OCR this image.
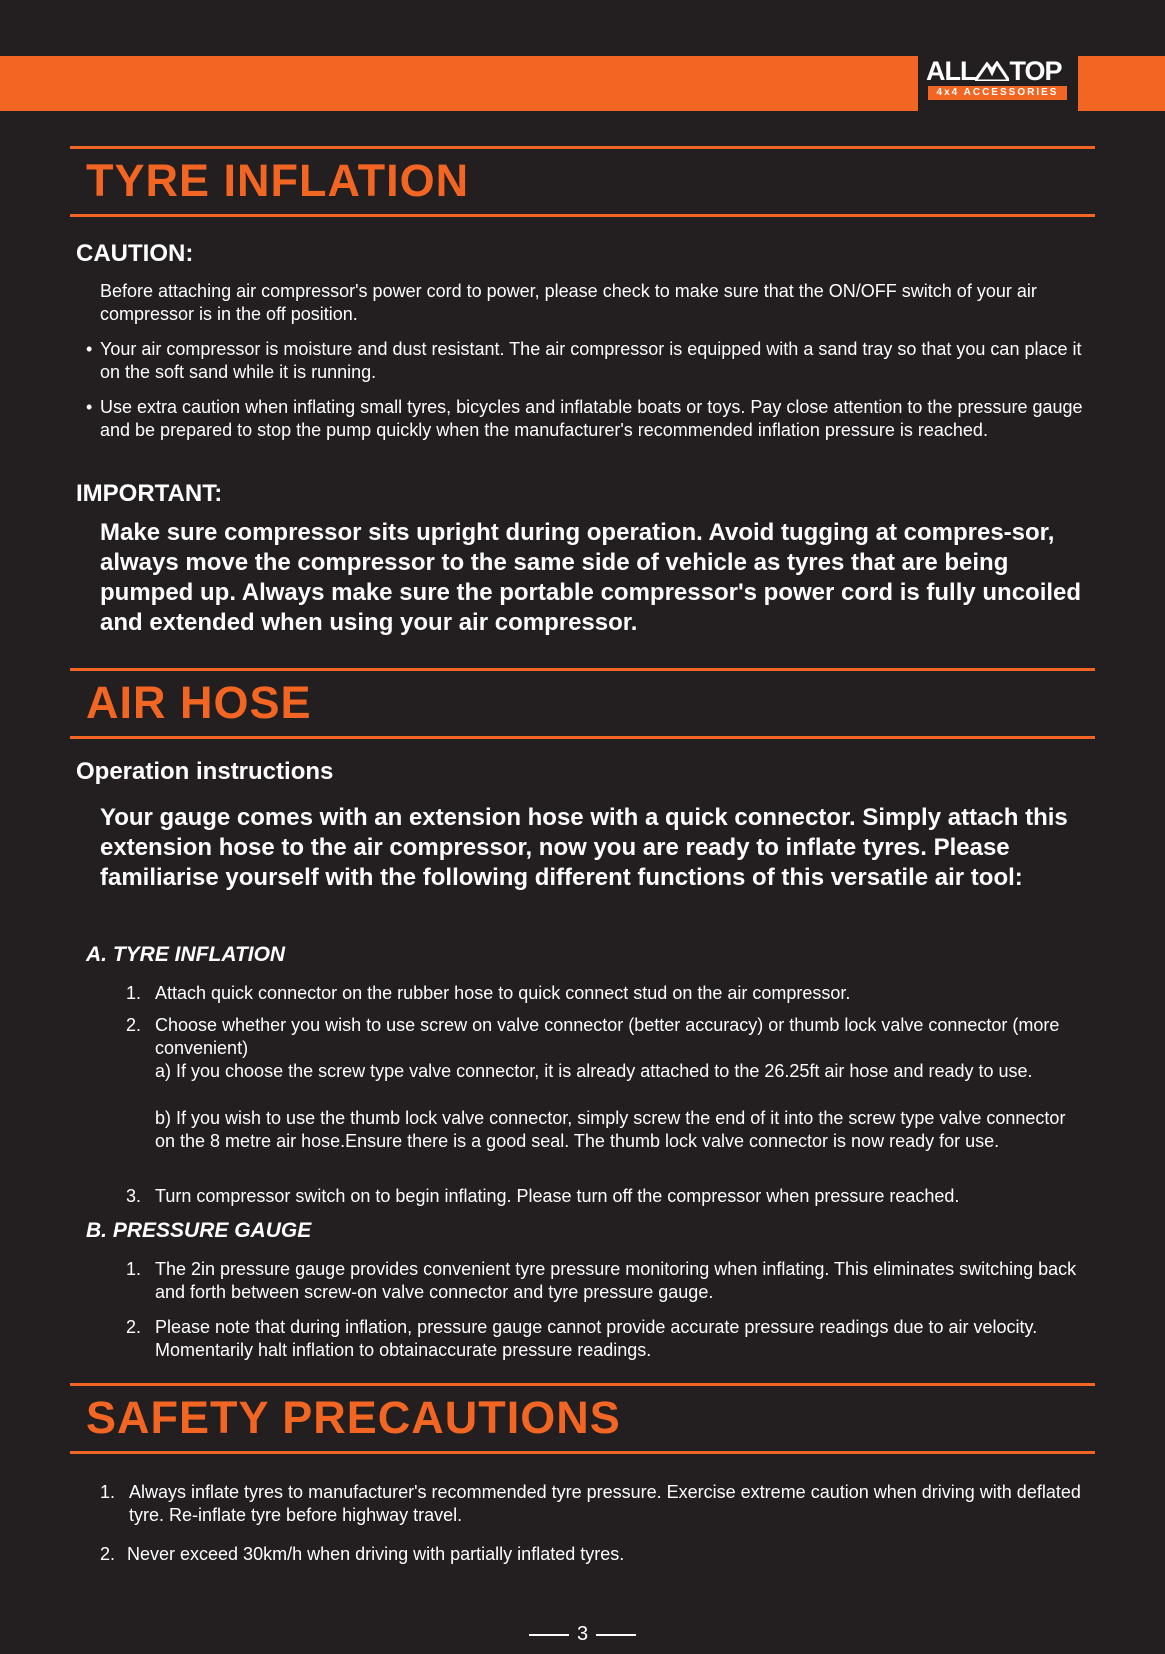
ALL TOP
4x4 ACCESSORIES
TYRE INFLATION
CAUTION:
Before attaching air compressor's power cord to power, please check to make sure that the ON/OFF switch of your air compressor is in the off position.
• Your air compressor is moisture and dust resistant. The air compressor is equipped with a sand tray so that you can place it on the soft sand while it is running.
• Use extra caution when inflating small tyres, bicycles and inflatable boats or toys. Pay close attention to the pressure gauge and be prepared to stop the pump quickly when the manufacturer's recommended inflation pressure is reached.
IMPORTANT:
Make sure compressor sits upright during operation. Avoid tugging at compres-sor, always move the compressor to the same side of vehicle as tyres that are being pumped up. Always make sure the portable compressor's power cord is fully uncoiled and extended when using your air compressor.
AIR HOSE
Operation instructions
Your gauge comes with an extension hose with a quick connector. Simply attach this extension hose to the air compressor, now you are ready to inflate tyres. Please familiarise yourself with the following different functions of this versatile air tool:
A. TYRE INFLATION
1. Attach quick connector on the rubber hose to quick connect stud on the air compressor.
2. Choose whether you wish to use screw on valve connector (better accuracy) or thumb lock valve connector (more convenient)
a) If you choose the screw type valve connector, it is already attached to the 26.25ft air hose and ready to use.
b) If you wish to use the thumb lock valve connector, simply screw the end of it into the screw type valve connector on the 8 metre air hose.Ensure there is a good seal. The thumb lock valve connector is now ready for use.
3. Turn compressor switch on to begin inflating. Please turn off the compressor when pressure reached.
B. PRESSURE GAUGE
1. The 2in pressure gauge provides convenient tyre pressure monitoring when inflating. This eliminates switching back and forth between screw-on valve connector and tyre pressure gauge.
2. Please note that during inflation, pressure gauge cannot provide accurate pressure readings due to air velocity. Momentarily halt inflation to obtainaccurate pressure readings.
SAFETY PRECAUTIONS
1. Always inflate tyres to manufacturer's recommended tyre pressure. Exercise extreme caution when driving with deflated tyre. Re-inflate tyre before highway travel.
2. Never exceed 30km/h when driving with partially inflated tyres.
3
